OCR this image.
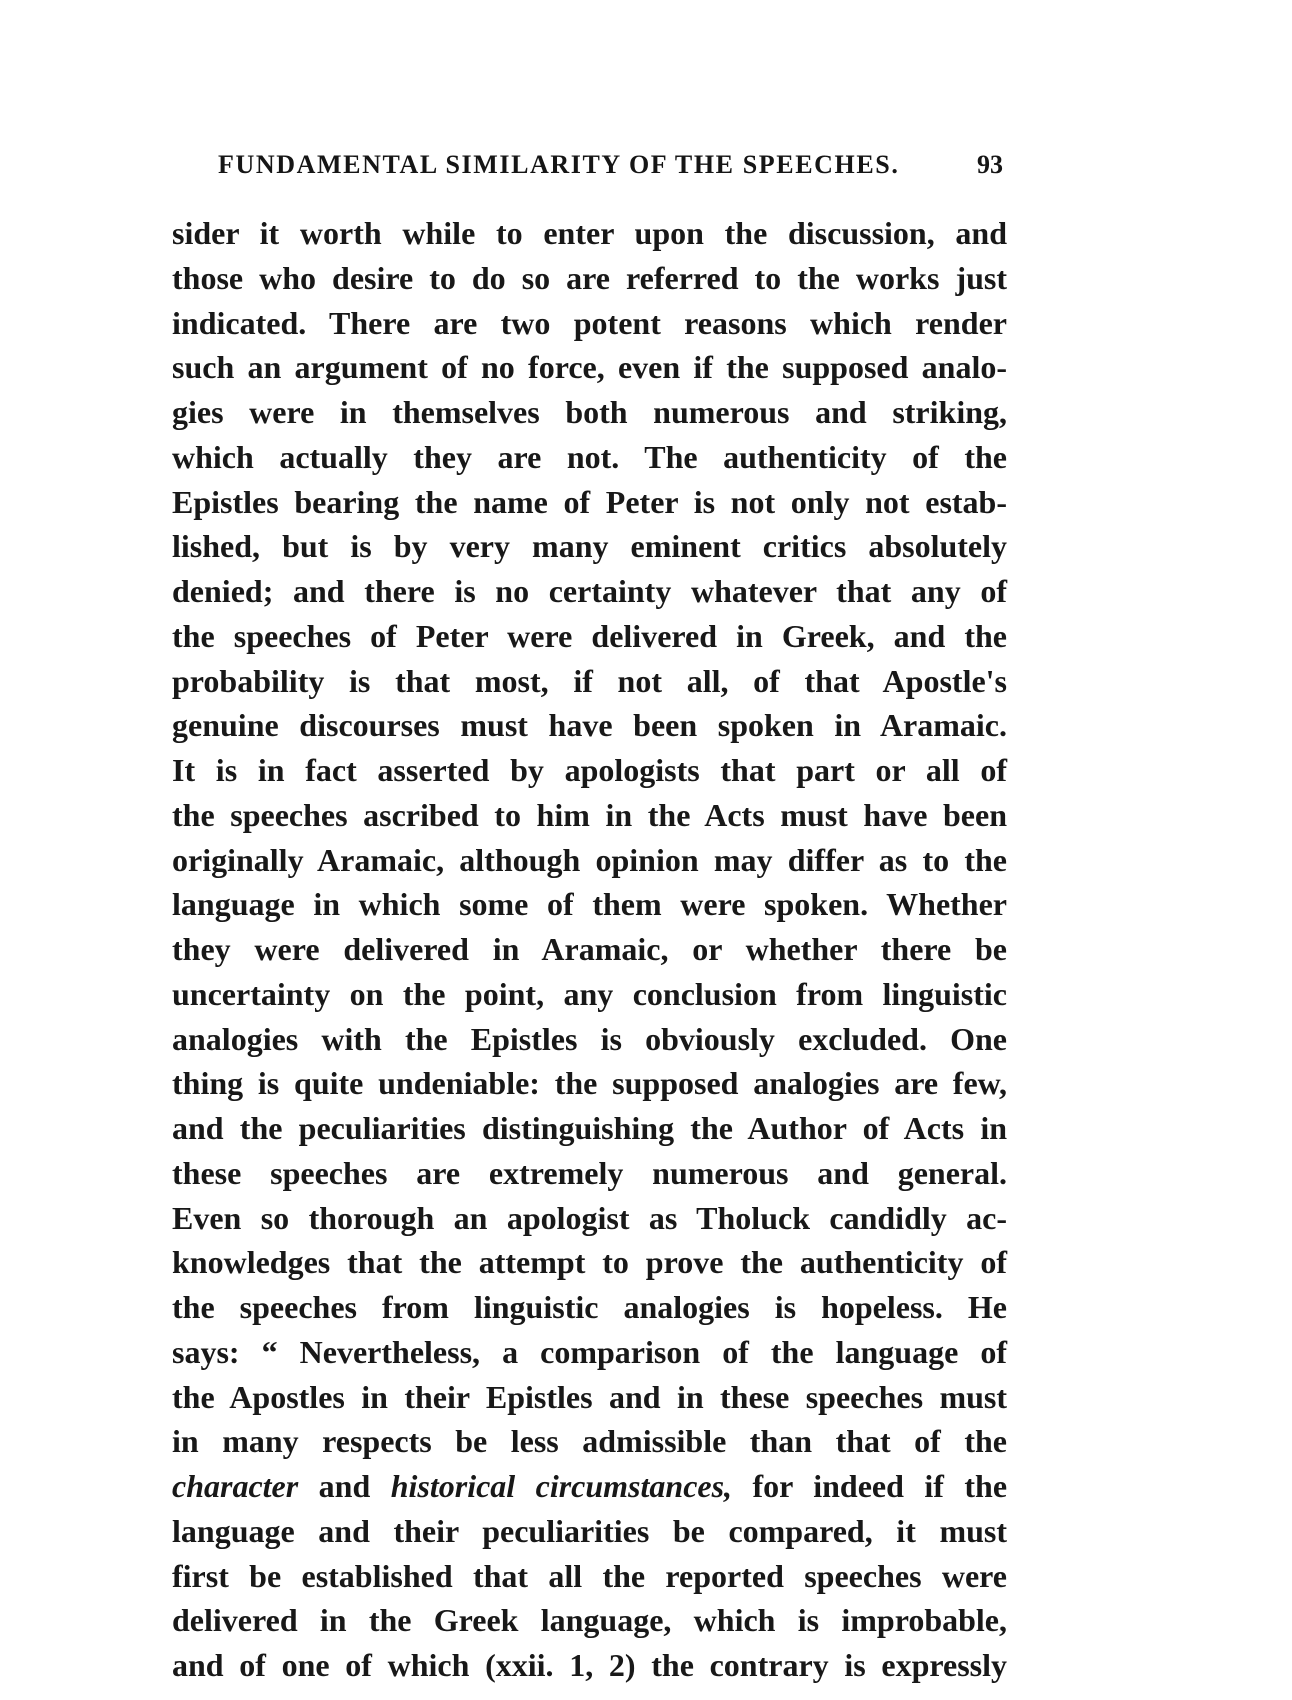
FUNDAMENTAL SIMILARITY OF THE SPEECHES.	93
sider it worth while to enter upon the discussion, and
those who desire to do so are referred to the works just
indicated. There are two potent reasons which render
such an argument of no force, even if the supposed analo-
gies were in themselves both numerous and striking,
which actually they are not. The authenticity of the
Epistles bearing the name of Peter is not only not estab-
lished, but is by very many eminent critics absolutely
denied; and there is no certainty whatever that any of
the speeches of Peter were delivered in Greek, and the
probability is that most, if not all, of that Apostle's
genuine discourses must have been spoken in Aramaic.
It is in fact asserted by apologists that part or all of
the speeches ascribed to him in the Acts must have been
originally Aramaic, although opinion may differ as to the
language in which some of them were spoken. Whether
they were delivered in Aramaic, or whether there be
uncertainty on the point, any conclusion from linguistic
analogies with the Epistles is obviously excluded. One
thing is quite undeniable: the supposed analogies are few,
and the peculiarities distinguishing the Author of Acts in
these speeches are extremely numerous and general.
Even so thorough an apologist as Tholuck candidly ac-
knowledges that the attempt to prove the authenticity of
the speeches from linguistic analogies is hopeless. He
says: “ Nevertheless, a comparison of the language of
the Apostles in their Epistles and in these speeches must
in many respects be less admissible than that of the
character and historical circumstances, for indeed if the
language and their peculiarities be compared, it must
first be established that all the reported speeches were
delivered in the Greek language, which is improbable,
and of one of which (xxii. 1, 2) the contrary is expressly
